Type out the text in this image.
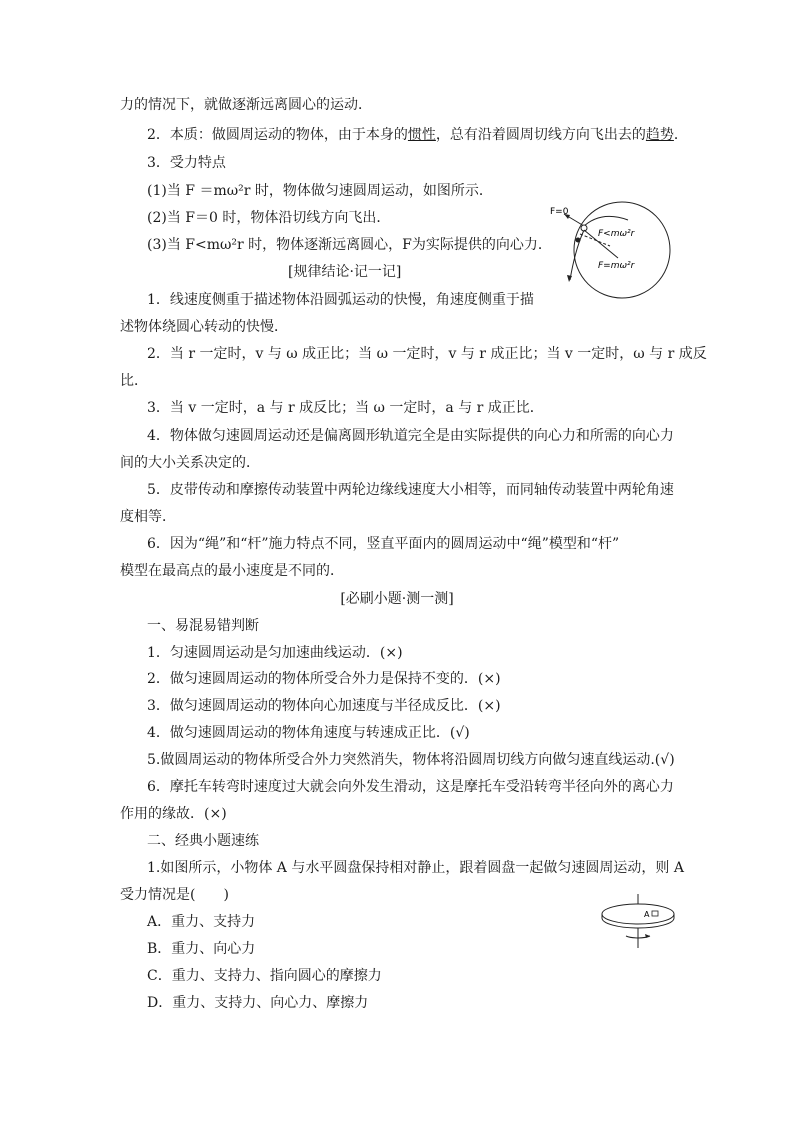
力的情况下，就做逐渐远离圆心的运动．
2．本质：做圆周运动的物体，由于本身的惯性，总有沿着圆周切线方向飞出去的趋势．
3．受力特点
(1)当 F ＝mω²r 时，物体做匀速圆周运动，如图所示．
(2)当 F＝0 时，物体沿切线方向飞出．
(3)当 F<mω²r 时，物体逐渐远离圆心，F为实际提供的向心力．
F=0
F<mω²r
F=mω²r
[规律结论·记一记]
1．线速度侧重于描述物体沿圆弧运动的快慢，角速度侧重于描
述物体绕圆心转动的快慢．
2．当 r 一定时，v 与 ω 成正比；当 ω 一定时，v 与 r 成正比；当 v 一定时，ω 与 r 成反
比．
3．当 v 一定时，a 与 r 成反比；当 ω 一定时，a 与 r 成正比．
4．物体做匀速圆周运动还是偏离圆形轨道完全是由实际提供的向心力和所需的向心力
间的大小关系决定的．
5．皮带传动和摩擦传动装置中两轮边缘线速度大小相等，而同轴传动装置中两轮角速
度相等．
6．因为“绳”和“杆”施力特点不同，竖直平面内的圆周运动中“绳”模型和“杆”
模型在最高点的最小速度是不同的．
[必刷小题·测一测]
一、易混易错判断
1．匀速圆周运动是匀加速曲线运动．(×)
2．做匀速圆周运动的物体所受合外力是保持不变的．(×)
3．做匀速圆周运动的物体向心加速度与半径成反比．(×)
4．做匀速圆周运动的物体角速度与转速成正比．(√)
5.做圆周运动的物体所受合外力突然消失，物体将沿圆周切线方向做匀速直线运动.(√)
6．摩托车转弯时速度过大就会向外发生滑动，这是摩托车受沿转弯半径向外的离心力
作用的缘故．(×)
二、经典小题速练
1.如图所示，小物体 A 与水平圆盘保持相对静止，跟着圆盘一起做匀速圆周运动，则 A
受力情况是(　　)
A．重力、支持力
B．重力、向心力
C．重力、支持力、指向圆心的摩擦力
D．重力、支持力、向心力、摩擦力
A
